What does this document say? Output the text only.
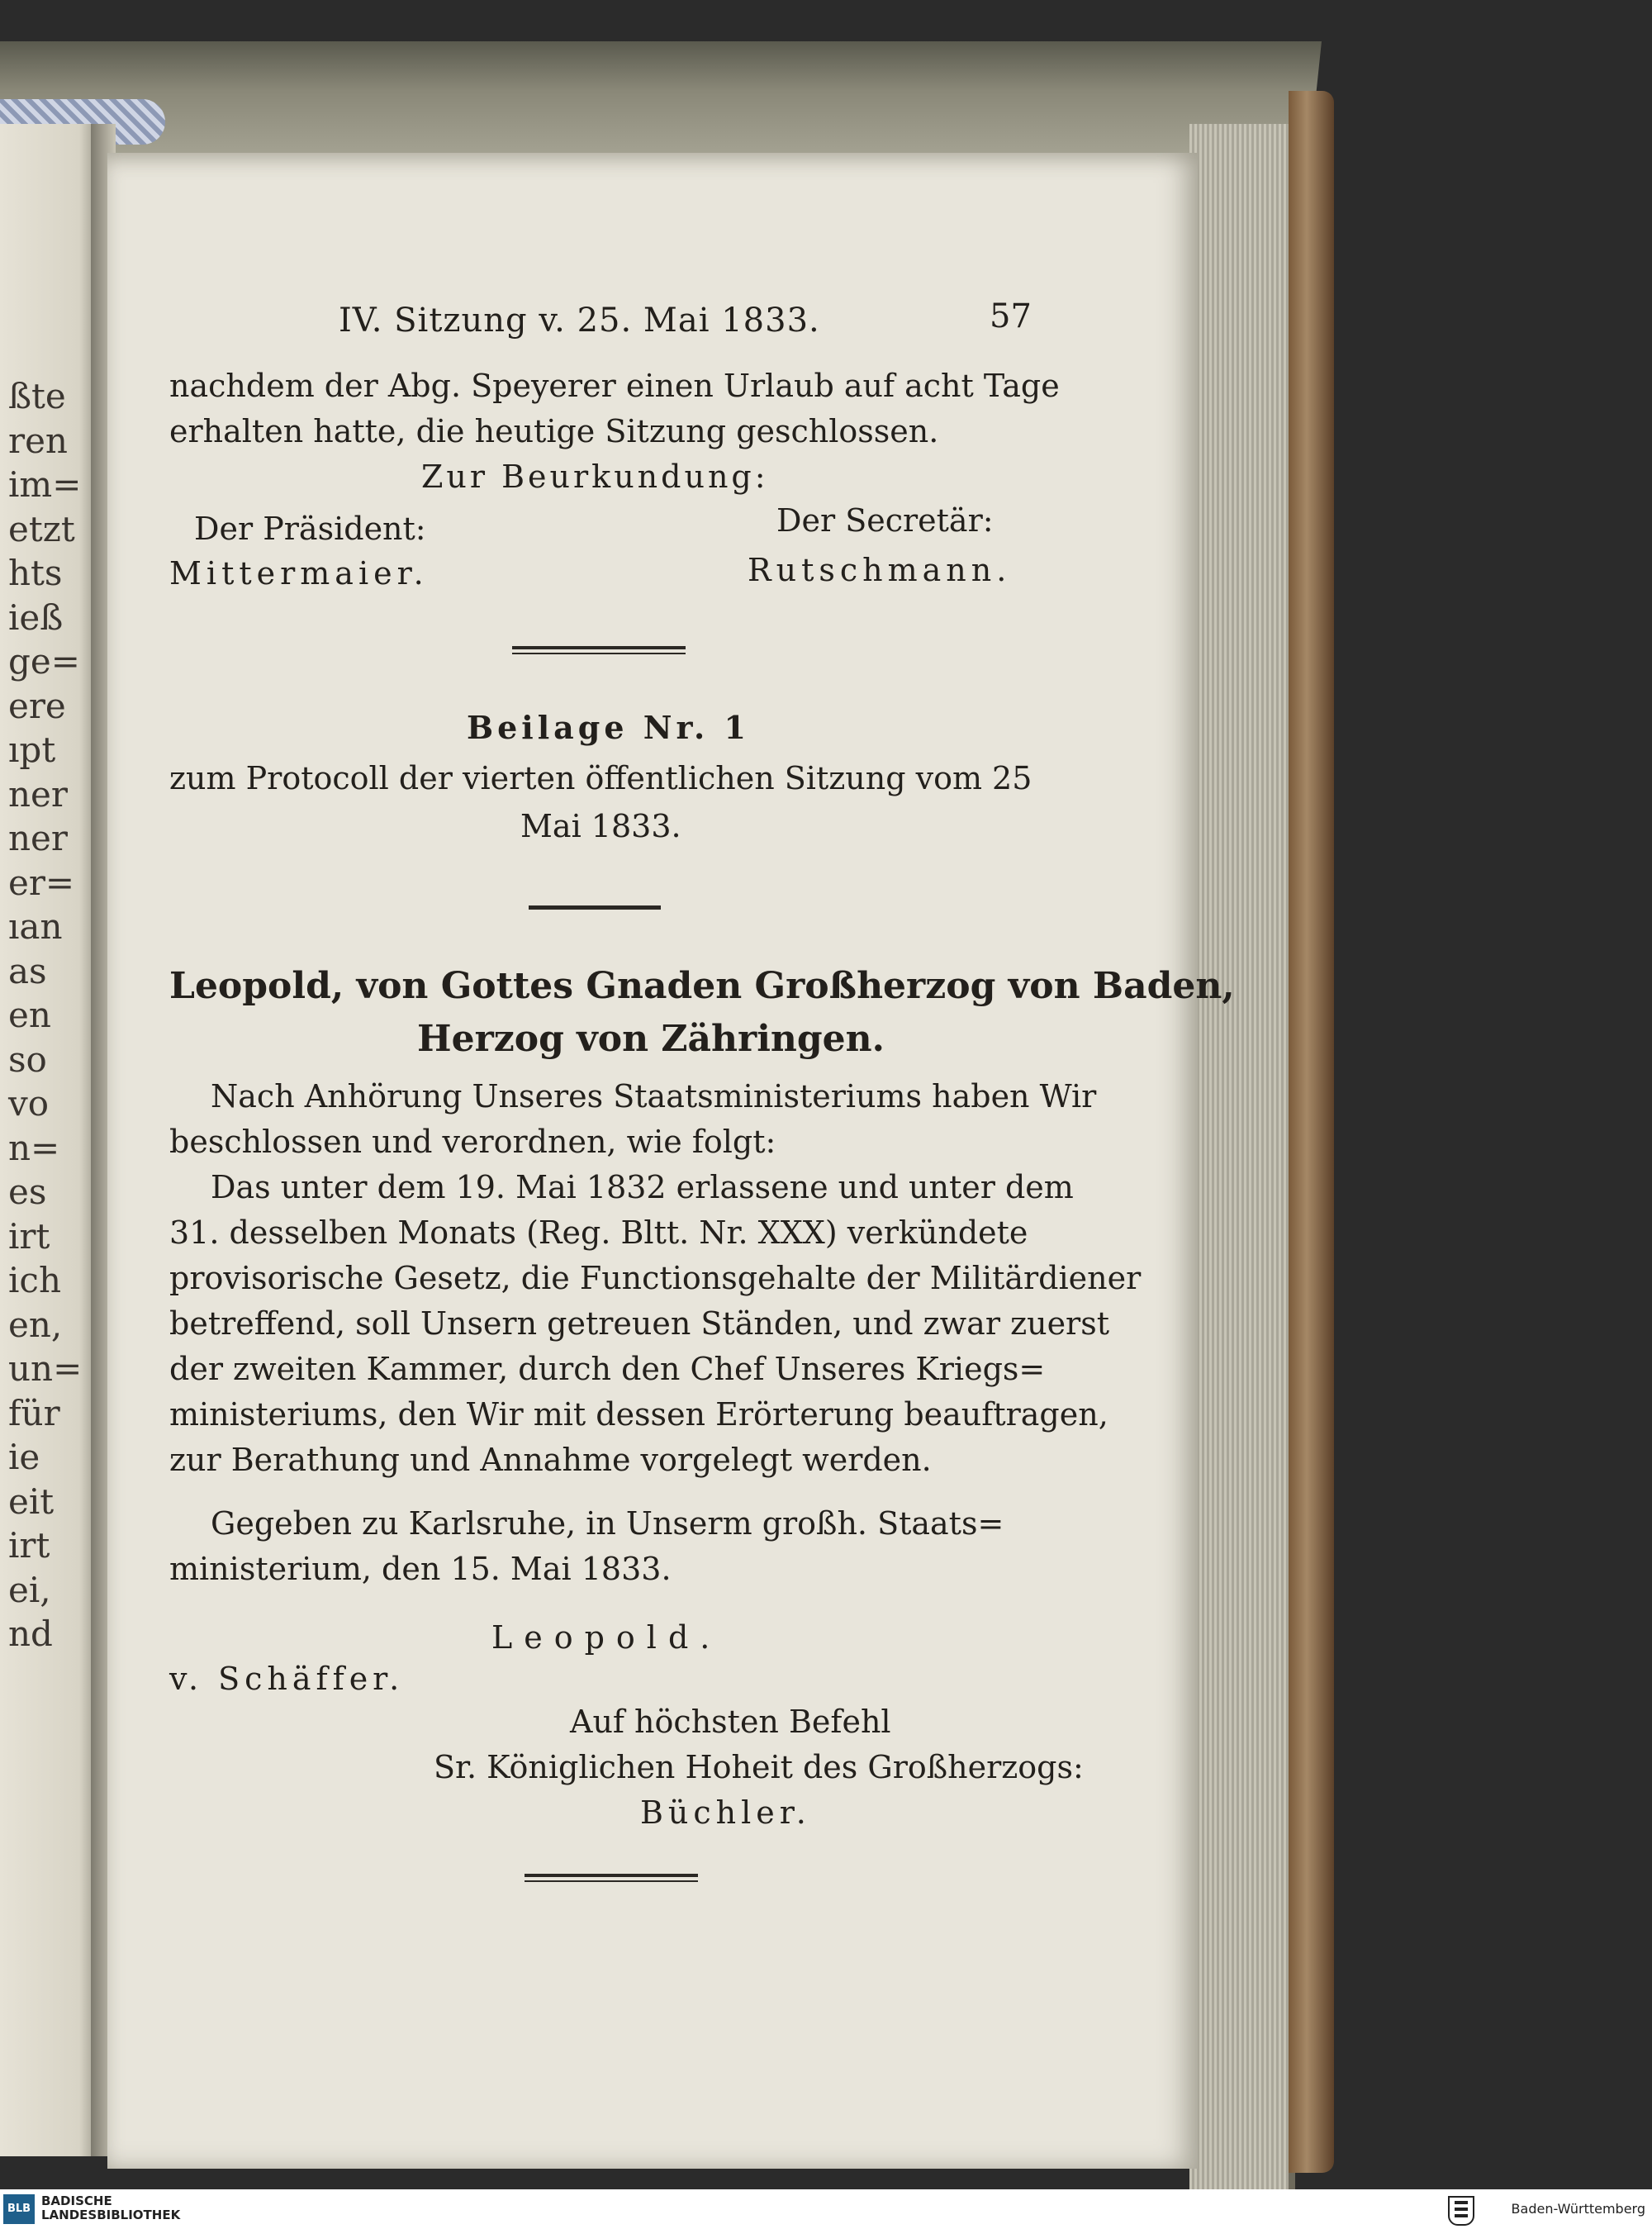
ßte
ren
im=
etzt
hts
ieß
ge=
ere
ıpt
ner
ner
er=
ıan
as
en
so
vo
n=
es
irt
ich
en,
un=
für
ie
eit
irt
ei,
nd
IV. Sitzung v. 25. Mai 1833.	57
nachdem der Abg. Speyerer einen Urlaub auf acht Tage
erhalten hatte, die heutige Sitzung geschlossen.
Zur Beurkundung:
Der Präsident:	Der Secretär:
Mittermaier.	Rutschmann.
Beilage Nr. 1
zum Protocoll der vierten öffentlichen Sitzung vom 25
Mai 1833.
Leopold, von Gottes Gnaden Großherzog von Baden,
Herzog von Zähringen.
Nach Anhörung Unseres Staatsministeriums haben Wir
beschlossen und verordnen, wie folgt:
Das unter dem 19. Mai 1832 erlassene und unter dem
31. desselben Monats (Reg. Bltt. Nr. XXX) verkündete
provisorische Gesetz, die Functionsgehalte der Militärdiener
betreffend, soll Unsern getreuen Ständen, und zwar zuerst
der zweiten Kammer, durch den Chef Unseres Kriegs=
ministeriums, den Wir mit dessen Erörterung beauftragen,
zur Berathung und Annahme vorgelegt werden.
Gegeben zu Karlsruhe, in Unserm großh. Staats=
ministerium, den 15. Mai 1833.
Leopold.
v. Schäffer.
Auf höchsten Befehl
Sr. Königlichen Hoheit des Großherzogs:
Büchler.
BLB
BADISCHE
LANDESBIBLIOTHEK	Baden-Württemberg
